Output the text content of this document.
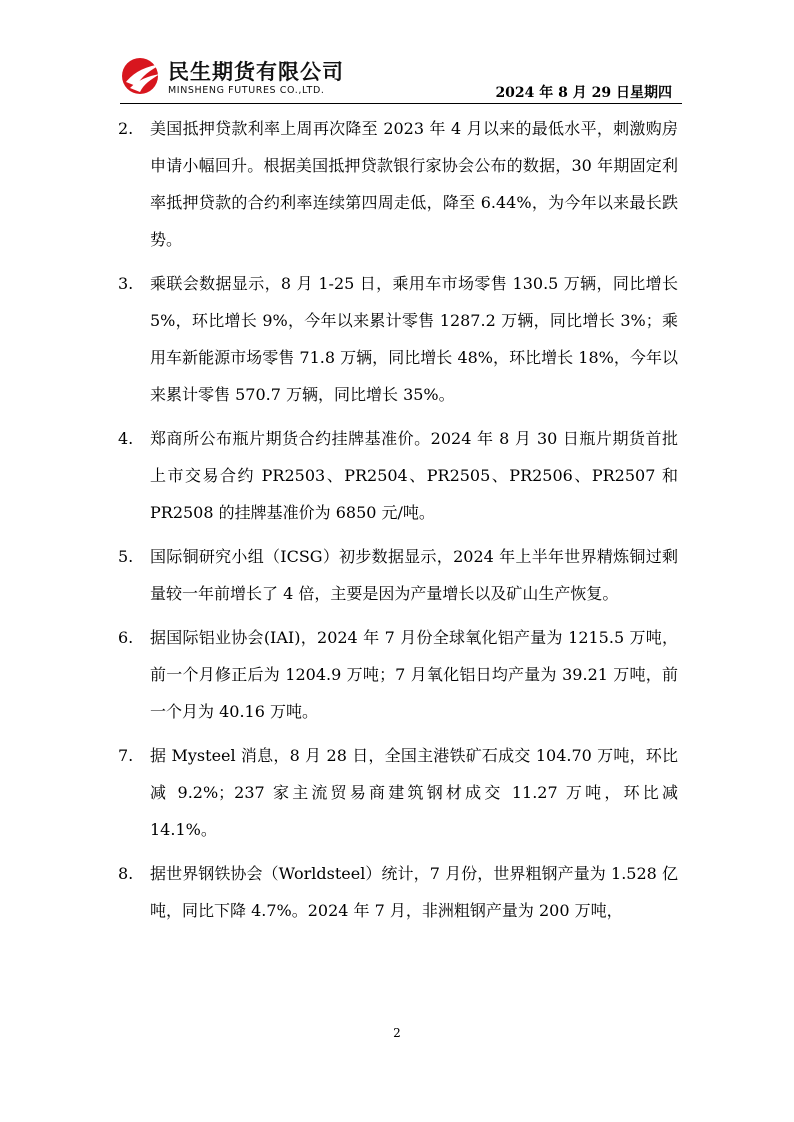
民生期货有限公司
MINSHENG FUTURES CO.,LTD.	2024 年 8 月 29 日星期四
2. 美国抵押贷款利率上周再次降至 2023 年 4 月以来的最低水平，刺激购房申请小幅回升。根据美国抵押贷款银行家协会公布的数据，30 年期固定利率抵押贷款的合约利率连续第四周走低，降至 6.44%，为今年以来最长跌势。
3. 乘联会数据显示，8 月 1-25 日，乘用车市场零售 130.5 万辆，同比增长 5%，环比增长 9%，今年以来累计零售 1287.2 万辆，同比增长 3%；乘用车新能源市场零售 71.8 万辆，同比增长 48%，环比增长 18%，今年以来累计零售 570.7 万辆，同比增长 35%。
4. 郑商所公布瓶片期货合约挂牌基准价。2024 年 8 月 30 日瓶片期货首批上市交易合约 PR2503、PR2504、PR2505、PR2506、PR2507 和 PR2508 的挂牌基准价为 6850 元/吨。
5. 国际铜研究小组（ICSG）初步数据显示，2024 年上半年世界精炼铜过剩量较一年前增长了 4 倍，主要是因为产量增长以及矿山生产恢复。
6. 据国际铝业协会(IAI)，2024 年 7 月份全球氧化铝产量为 1215.5 万吨，前一个月修正后为 1204.9 万吨；7 月氧化铝日均产量为 39.21 万吨，前一个月为 40.16 万吨。
7. 据 Mysteel 消息，8 月 28 日，全国主港铁矿石成交 104.70 万吨，环比减 9.2%；237 家主流贸易商建筑钢材成交 11.27 万吨，环比减 14.1%。
8. 据世界钢铁协会（Worldsteel）统计，7 月份，世界粗钢产量为 1.528 亿吨，同比下降 4.7%。2024 年 7 月，非洲粗钢产量为 200 万吨，
2
